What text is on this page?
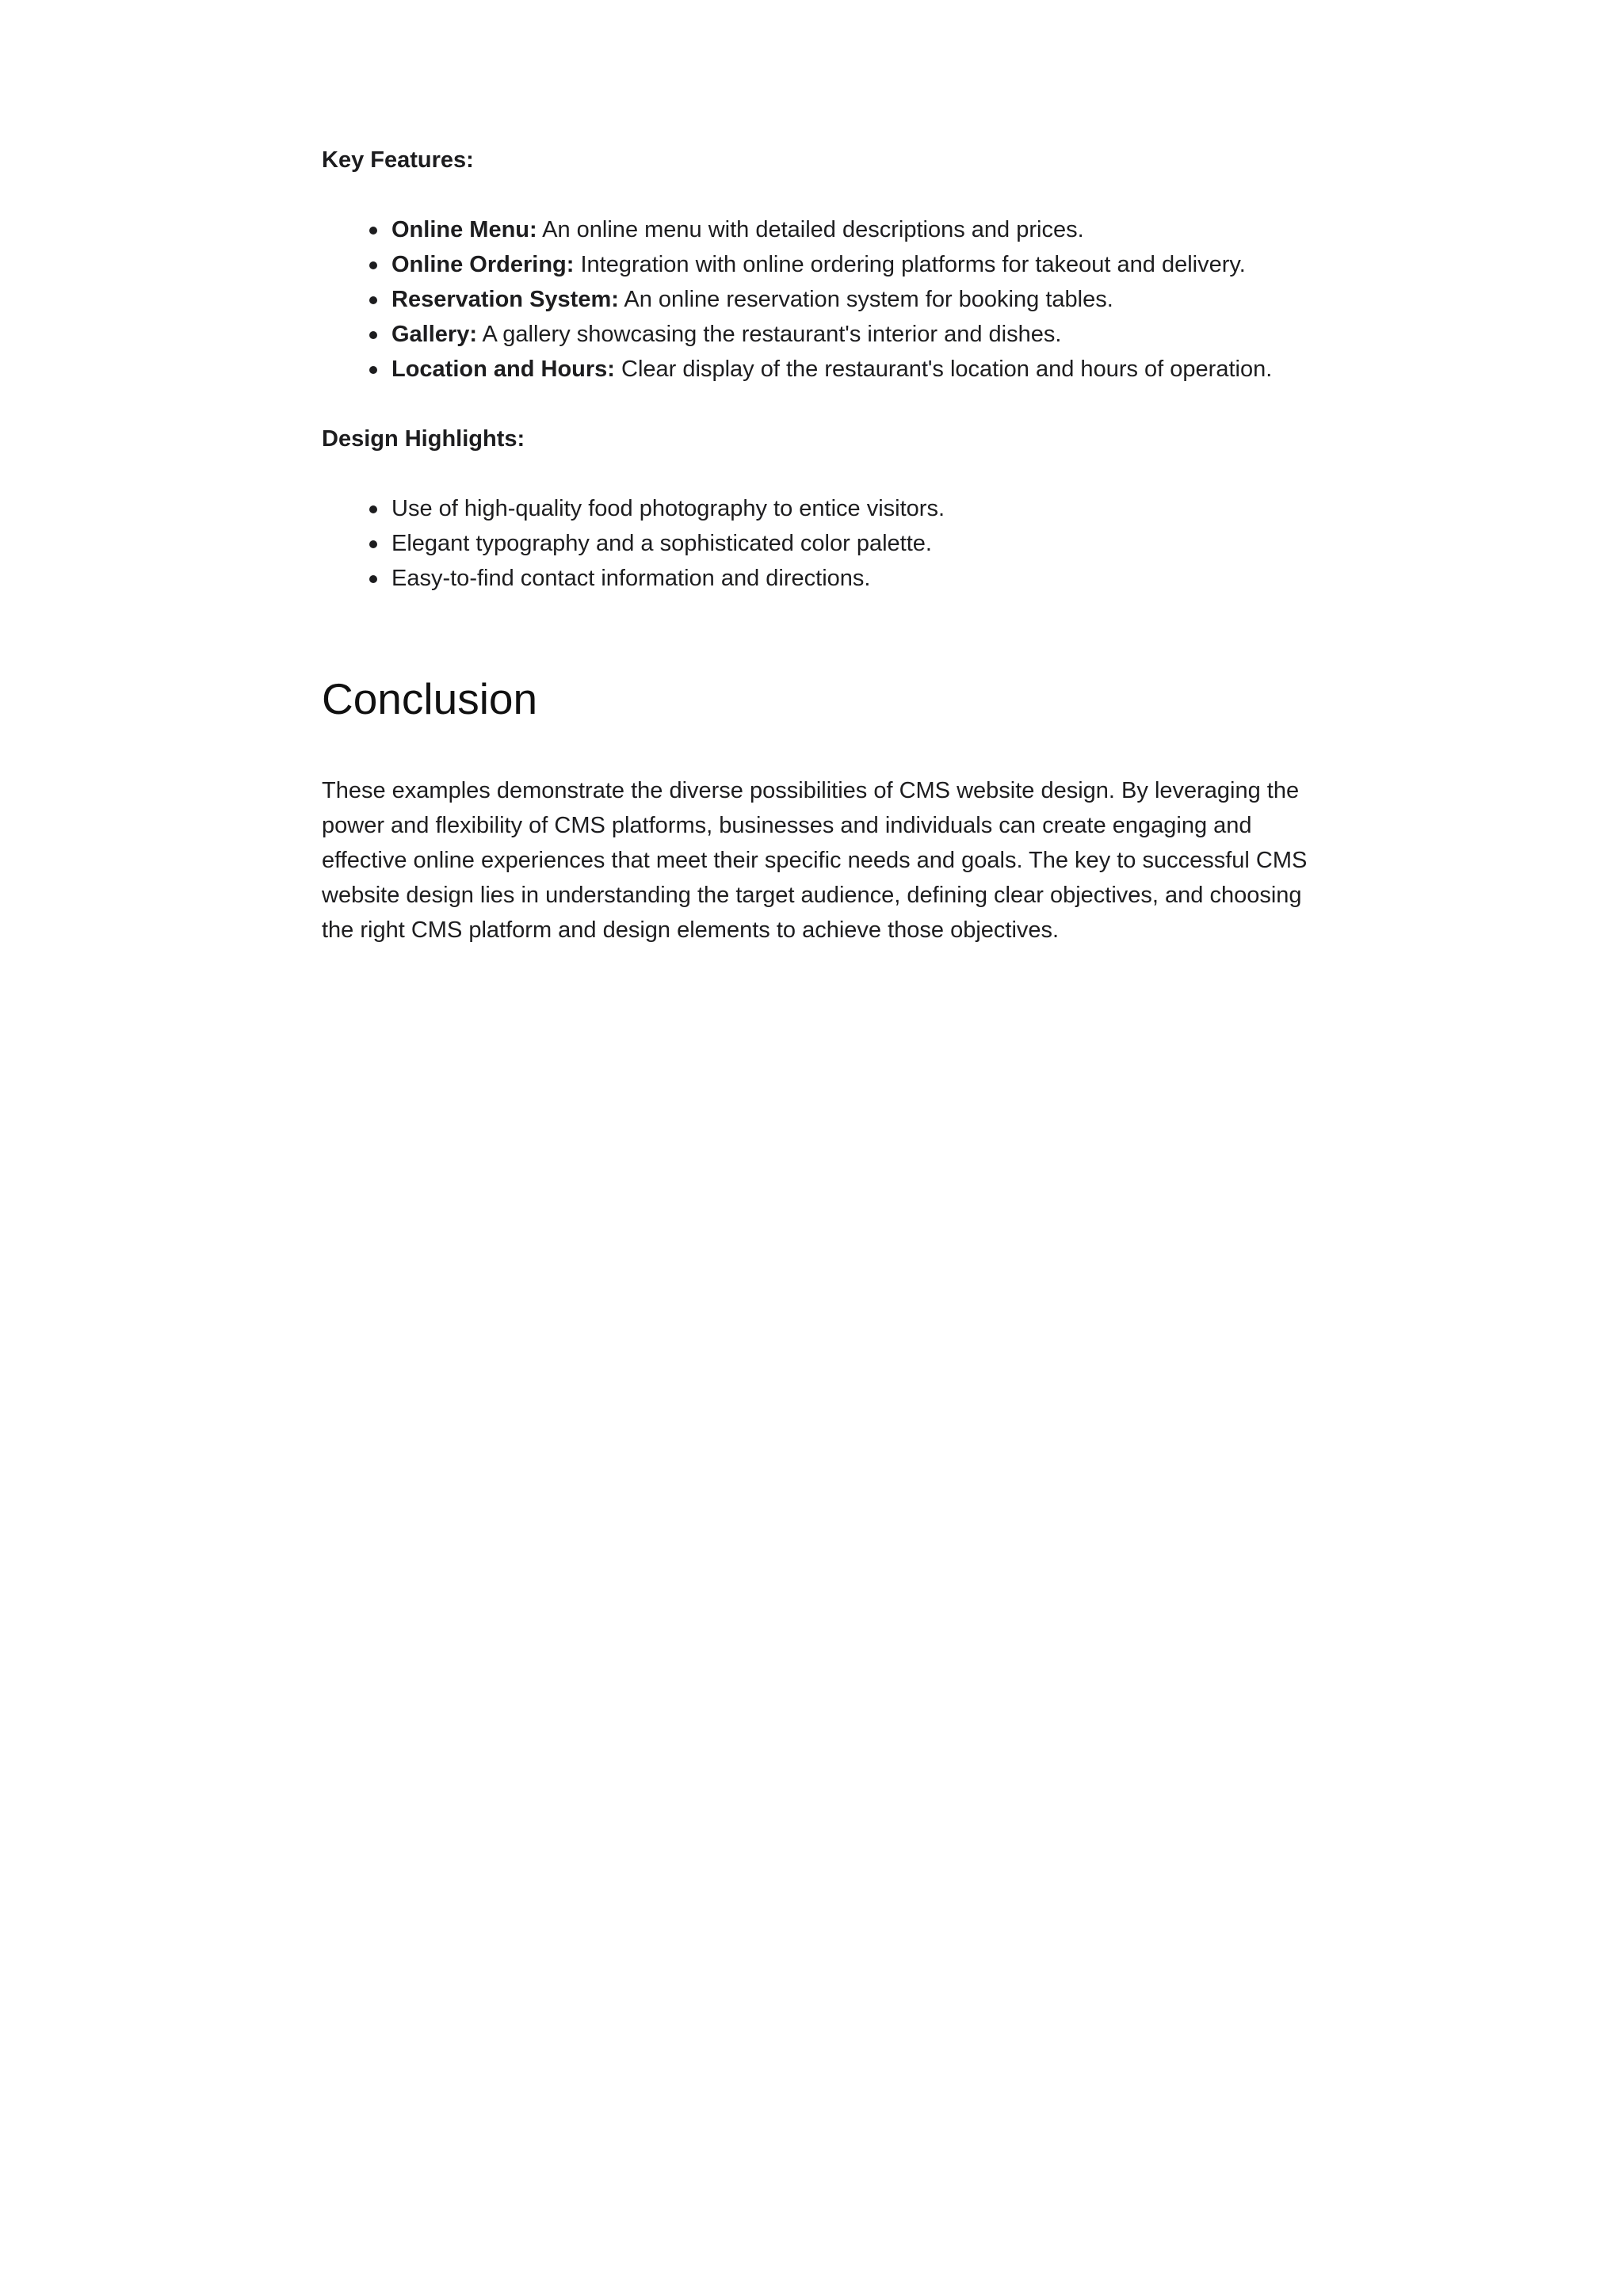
Key Features:

Online Menu: An online menu with detailed descriptions and prices.
Online Ordering: Integration with online ordering platforms for takeout and delivery.
Reservation System: An online reservation system for booking tables.
Gallery: A gallery showcasing the restaurant's interior and dishes.
Location and Hours: Clear display of the restaurant's location and hours of operation.

Design Highlights:

Use of high-quality food photography to entice visitors.
Elegant typography and a sophisticated color palette.
Easy-to-find contact information and directions.
Conclusion

These examples demonstrate the diverse possibilities of CMS website design. By leveraging the power and flexibility of CMS platforms, businesses and individuals can create engaging and effective online experiences that meet their specific needs and goals. The key to successful CMS website design lies in understanding the target audience, defining clear objectives, and choosing the right CMS platform and design elements to achieve those objectives.
